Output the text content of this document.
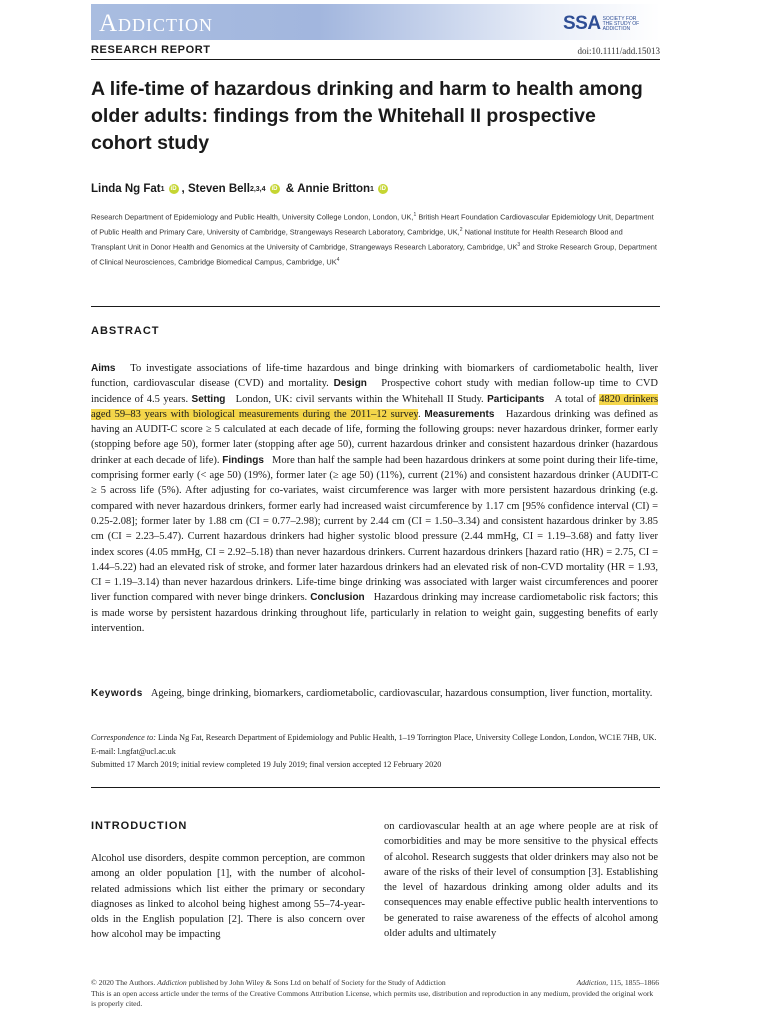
Addiction	SSA SOCIETY FOR THE STUDY OF ADDICTION
RESEARCH REPORT	doi:10.1111/add.15013
A life-time of hazardous drinking and harm to health among older adults: findings from the Whitehall II prospective cohort study
Linda Ng Fat 1	iD , Steven Bell 2,3,4	iD & Annie Britton 1	iD
Research Department of Epidemiology and Public Health, University College London, London, UK,$^1$ British Heart Foundation Cardiovascular Epidemiology Unit, Department of Public Health and Primary Care, University of Cambridge, Strangeways Research Laboratory, Cambridge, UK,$^2$ National Institute for Health Research Blood and Transplant Unit in Donor Health and Genomics at the University of Cambridge, Strangeways Research Laboratory, Cambridge, $UK^3$ and Stroke Research Group, Department of Clinical Neurosciences, Cambridge Biomedical Campus, Cambridge, $UK^4$
ABSTRACT
Aims To investigate associations of life-time hazardous and binge drinking with biomarkers of cardiometabolic health, liver function, cardiovascular disease (CVD) and mortality. Design Prospective cohort study with median follow-up time to CVD incidence of 4.5 years. Setting London, UK: civil servants within the Whitehall II Study. Participants A total of 4820 drinkers aged 59–83 years with biological measurements during the 2011–12 survey. Measurements Hazardous drinking was defined as having an AUDIT-C score ≥ 5 calculated at each decade of life, forming the following groups: never hazardous drinker, former early (stopping before age 50), former later (stopping after age 50), current hazardous drinker and consistent hazardous drinker (hazardous drinker at each decade of life). Findings More than half the sample had been hazardous drinkers at some point during their life-time, comprising former early (< age 50) (19%), former later (≥ age 50) (11%), current (21%) and consistent hazardous drinker (AUDIT-C ≥ 5 across life (5%). After adjusting for co-variates, waist circumference was larger with more persistent hazardous drinking (e.g. compared with never hazardous drinkers, former early had increased waist circumference by 1.17 cm [95% confidence interval (CI) = 0.25-2.08]; former later by 1.88 cm (CI = 0.77–2.98); current by 2.44 cm (CI = 1.50–3.34) and consistent hazardous drinker by 3.85 cm (CI = 2.23–5.47). Current hazardous drinkers had higher systolic blood pressure (2.44 mmHg, CI = 1.19–3.68) and fatty liver index scores (4.05 mmHg, CI = 2.92–5.18) than never hazardous drinkers. Current hazardous drinkers [hazard ratio (HR) = 2.75, CI = 1.44–5.22) had an elevated risk of stroke, and former later hazardous drinkers had an elevated risk of non-CVD mortality (HR = 1.93, CI = 1.19–3.14) than never hazardous drinkers. Life-time binge drinking was associated with larger waist circumferences and poorer liver function compared with never binge drinkers. Conclusion Hazardous drinking may increase cardiometabolic risk factors; this is made worse by persistent hazardous drinking throughout life, particularly in relation to weight gain, suggesting benefits of early intervention.
Keywords Ageing, binge drinking, biomarkers, cardiometabolic, cardiovascular, hazardous consumption, liver function, mortality.
Correspondence to: Linda Ng Fat, Research Department of Epidemiology and Public Health, 1–19 Torrington Place, University College London, London, WC1E 7HB, UK. E-mail: l.ngfat@ucl.ac.uk
Submitted 17 March 2019; initial review completed 19 July 2019; final version accepted 12 February 2020
INTRODUCTION
Alcohol use disorders, despite common perception, are common among an older population [1], with the number of alcohol-related admissions which list either the primary or secondary diagnoses as linked to alcohol being highest among 55–74-year-olds in the English population [2]. There is also concern over how alcohol may be impacting
on cardiovascular health at an age where people are at risk of comorbidities and may be more sensitive to the physical effects of alcohol. Research suggests that older drinkers may also not be aware of the risks of their level of consumption [3]. Establishing the level of hazardous drinking among older adults and its consequences may enable effective public health interventions to be generated to raise awareness of the effects of alcohol among older adults and ultimately
© 2020 The Authors. Addiction published by John Wiley & Sons Ltd on behalf of Society for the Study of Addiction	Addiction, 115, 1855–1866
This is an open access article under the terms of the Creative Commons Attribution License, which permits use, distribution and reproduction in any medium, provided the original work is properly cited.
